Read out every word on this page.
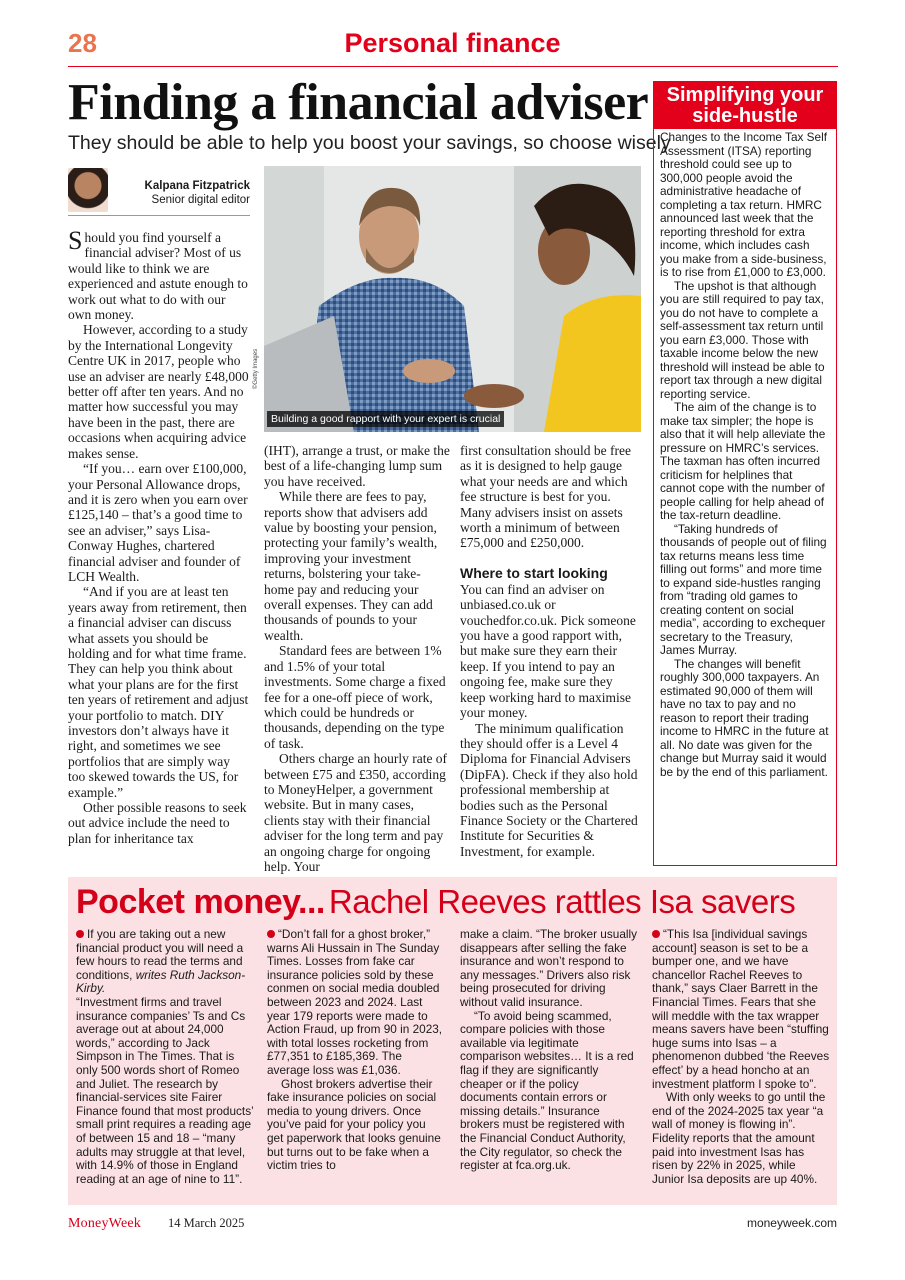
28	Personal finance
Finding a financial adviser
They should be able to help you boost your savings, so choose wisely
Kalpana Fitzpatrick
Senior digital editor

Should you find yourself a financial adviser? Most of us would like to think we are experienced and astute enough to work out what to do with our own money.

However, according to a study by the International Longevity Centre UK in 2017, people who use an adviser are nearly £48,000 better off after ten years. And no matter how successful you may have been in the past, there are occasions when acquiring advice makes sense.

“If you… earn over £100,000, your Personal Allowance drops, and it is zero when you earn over £125,140 – that’s a good time to see an adviser,” says Lisa-Conway Hughes, chartered financial adviser and founder of LCH Wealth.

“And if you are at least ten years away from retirement, then a financial adviser can discuss what assets you should be holding and for what time frame. They can help you think about what your plans are for the first ten years of retirement and adjust your portfolio to match. DIY investors don’t always have it right, and sometimes we see portfolios that are simply way too skewed towards the US, for example.”

Other possible reasons to seek out advice include the need to plan for inheritance tax

©Getty Images
Building a good rapport with your expert is crucial

(IHT), arrange a trust, or make the best of a life-changing lump sum you have received.

While there are fees to pay, reports show that advisers add value by boosting your pension, protecting your family’s wealth, improving your investment returns, bolstering your take-home pay and reducing your overall expenses. They can add thousands of pounds to your wealth.

Standard fees are between 1% and 1.5% of your total investments. Some charge a fixed fee for a one-off piece of work, which could be hundreds or thousands, depending on the type of task.

Others charge an hourly rate of between £75 and £350, according to MoneyHelper, a government website. But in many cases, clients stay with their financial adviser for the long term and pay an ongoing charge for ongoing help. Your

first consultation should be free as it is designed to help gauge what your needs are and which fee structure is best for you. Many advisers insist on assets worth a minimum of between £75,000 and £250,000.

Where to start looking

You can find an adviser on unbiased.co.uk or vouchedfor.co.uk. Pick someone you have a good rapport with, but make sure they earn their keep. If you intend to pay an ongoing fee, make sure they keep working hard to maximise your money.

The minimum qualification they should offer is a Level 4 Diploma for Financial Advisers (DipFA). Check if they also hold professional membership at bodies such as the Personal Finance Society or the Chartered Institute for Securities & Investment, for example.

Simplifying your side-hustle

Changes to the Income Tax Self Assessment (ITSA) reporting threshold could see up to 300,000 people avoid the administrative headache of completing a tax return. HMRC announced last week that the reporting threshold for extra income, which includes cash you make from a side-business, is to rise from £1,000 to £3,000.

The upshot is that although you are still required to pay tax, you do not have to complete a self-assessment tax return until you earn £3,000. Those with taxable income below the new threshold will instead be able to report tax through a new digital reporting service.

The aim of the change is to make tax simpler; the hope is also that it will help alleviate the pressure on HMRC’s services. The taxman has often incurred criticism for helplines that cannot cope with the number of people calling for help ahead of the tax-return deadline.

“Taking hundreds of thousands of people out of filing tax returns means less time filling out forms” and more time to expand side-hustles ranging from “trading old games to creating content on social media”, according to exchequer secretary to the Treasury, James Murray.

The changes will benefit roughly 300,000 taxpayers. An estimated 90,000 of them will have no tax to pay and no reason to report their trading income to HMRC in the future at all. No date was given for the change but Murray said it would be by the end of this parliament.

Pocket money... Rachel Reeves rattles Isa savers

If you are taking out a new financial product you will need a few hours to read the terms and conditions, writes Ruth Jackson-Kirby.

“Investment firms and travel insurance companies’ Ts and Cs average out at about 24,000 words,” according to Jack Simpson in The Times. That is only 500 words short of Romeo and Juliet. The research by financial-services site Fairer Finance found that most products’ small print requires a reading age of between 15 and 18 – “many adults may struggle at that level, with 14.9% of those in England reading at an age of nine to 11”.

“Don’t fall for a ghost broker,” warns Ali Hussain in The Sunday Times. Losses from fake car insurance policies sold by these conmen on social media doubled between 2023 and 2024. Last year 179 reports were made to Action Fraud, up from 90 in 2023, with total losses rocketing from £77,351 to £185,369. The average loss was £1,036.

Ghost brokers advertise their fake insurance policies on social media to young drivers. Once you’ve paid for your policy you get paperwork that looks genuine but turns out to be fake when a victim tries to

make a claim. “The broker usually disappears after selling the fake insurance and won’t respond to any messages.” Drivers also risk being prosecuted for driving without valid insurance.

“To avoid being scammed, compare policies with those available via legitimate comparison websites… It is a red flag if they are significantly cheaper or if the policy documents contain errors or missing details.” Insurance brokers must be registered with the Financial Conduct Authority, the City regulator, so check the register at fca.org.uk.

“This Isa [individual savings account] season is set to be a bumper one, and we have chancellor Rachel Reeves to thank,” says Claer Barrett in the Financial Times. Fears that she will meddle with the tax wrapper means savers have been “stuffing huge sums into Isas – a phenomenon dubbed ‘the Reeves effect’ by a head honcho at an investment platform I spoke to”.

With only weeks to go until the end of the 2024-2025 tax year “a wall of money is flowing in”. Fidelity reports that the amount paid into investment Isas has risen by 22% in 2025, while Junior Isa deposits are up 40%.

MoneyWeek 14 March 2025	moneyweek.com
